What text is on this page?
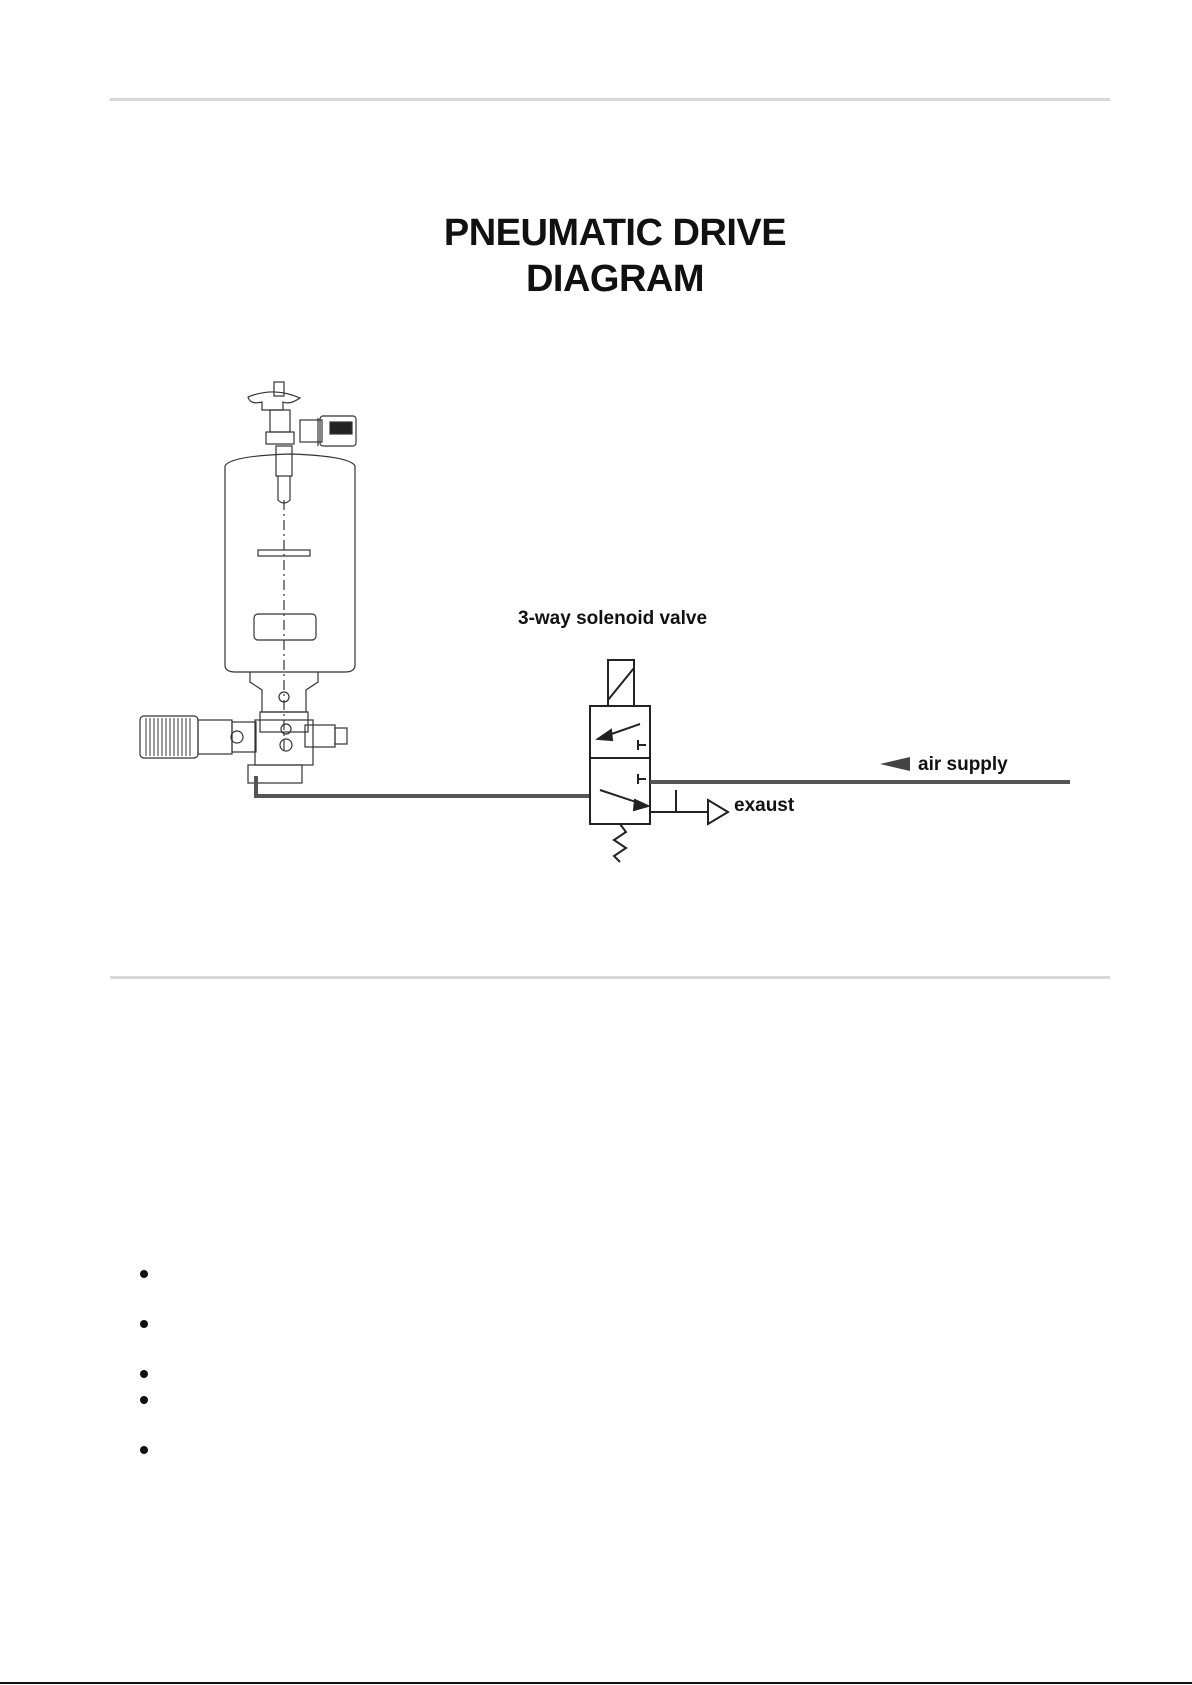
PNEUMATIC DRIVE
DIAGRAM
3-way solenoid valve
air supply
exaust
